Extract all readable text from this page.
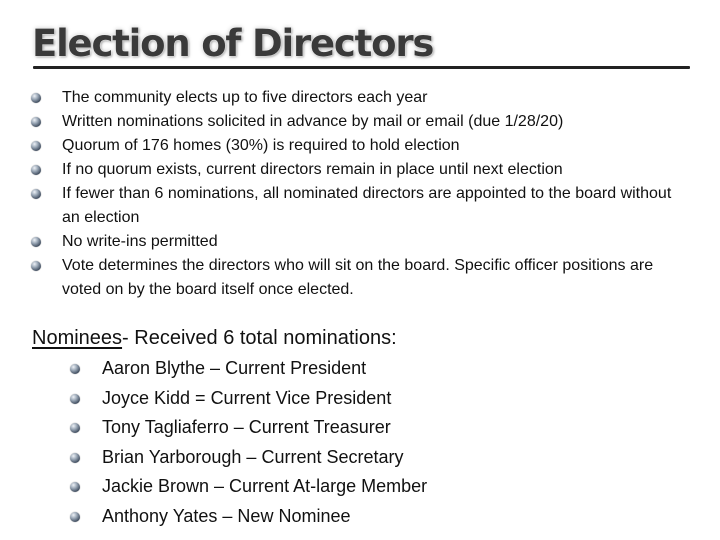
Election of Directors
The community elects up to five directors each year
Written nominations solicited in advance by mail or email (due 1/28/20)
Quorum of 176 homes (30%) is required to hold election
If no quorum exists, current directors remain in place until next election
If fewer than 6 nominations, all nominated directors are appointed to the board without an election
No write-ins permitted
Vote determines the directors who will sit on the board. Specific officer positions are voted on by the board itself once elected.

Nominees- Received 6 total nominations:

Aaron Blythe – Current President
Joyce Kidd = Current Vice President
Tony Tagliaferro – Current Treasurer
Brian Yarborough – Current Secretary
Jackie Brown – Current At-large Member
Anthony Yates – New Nominee
